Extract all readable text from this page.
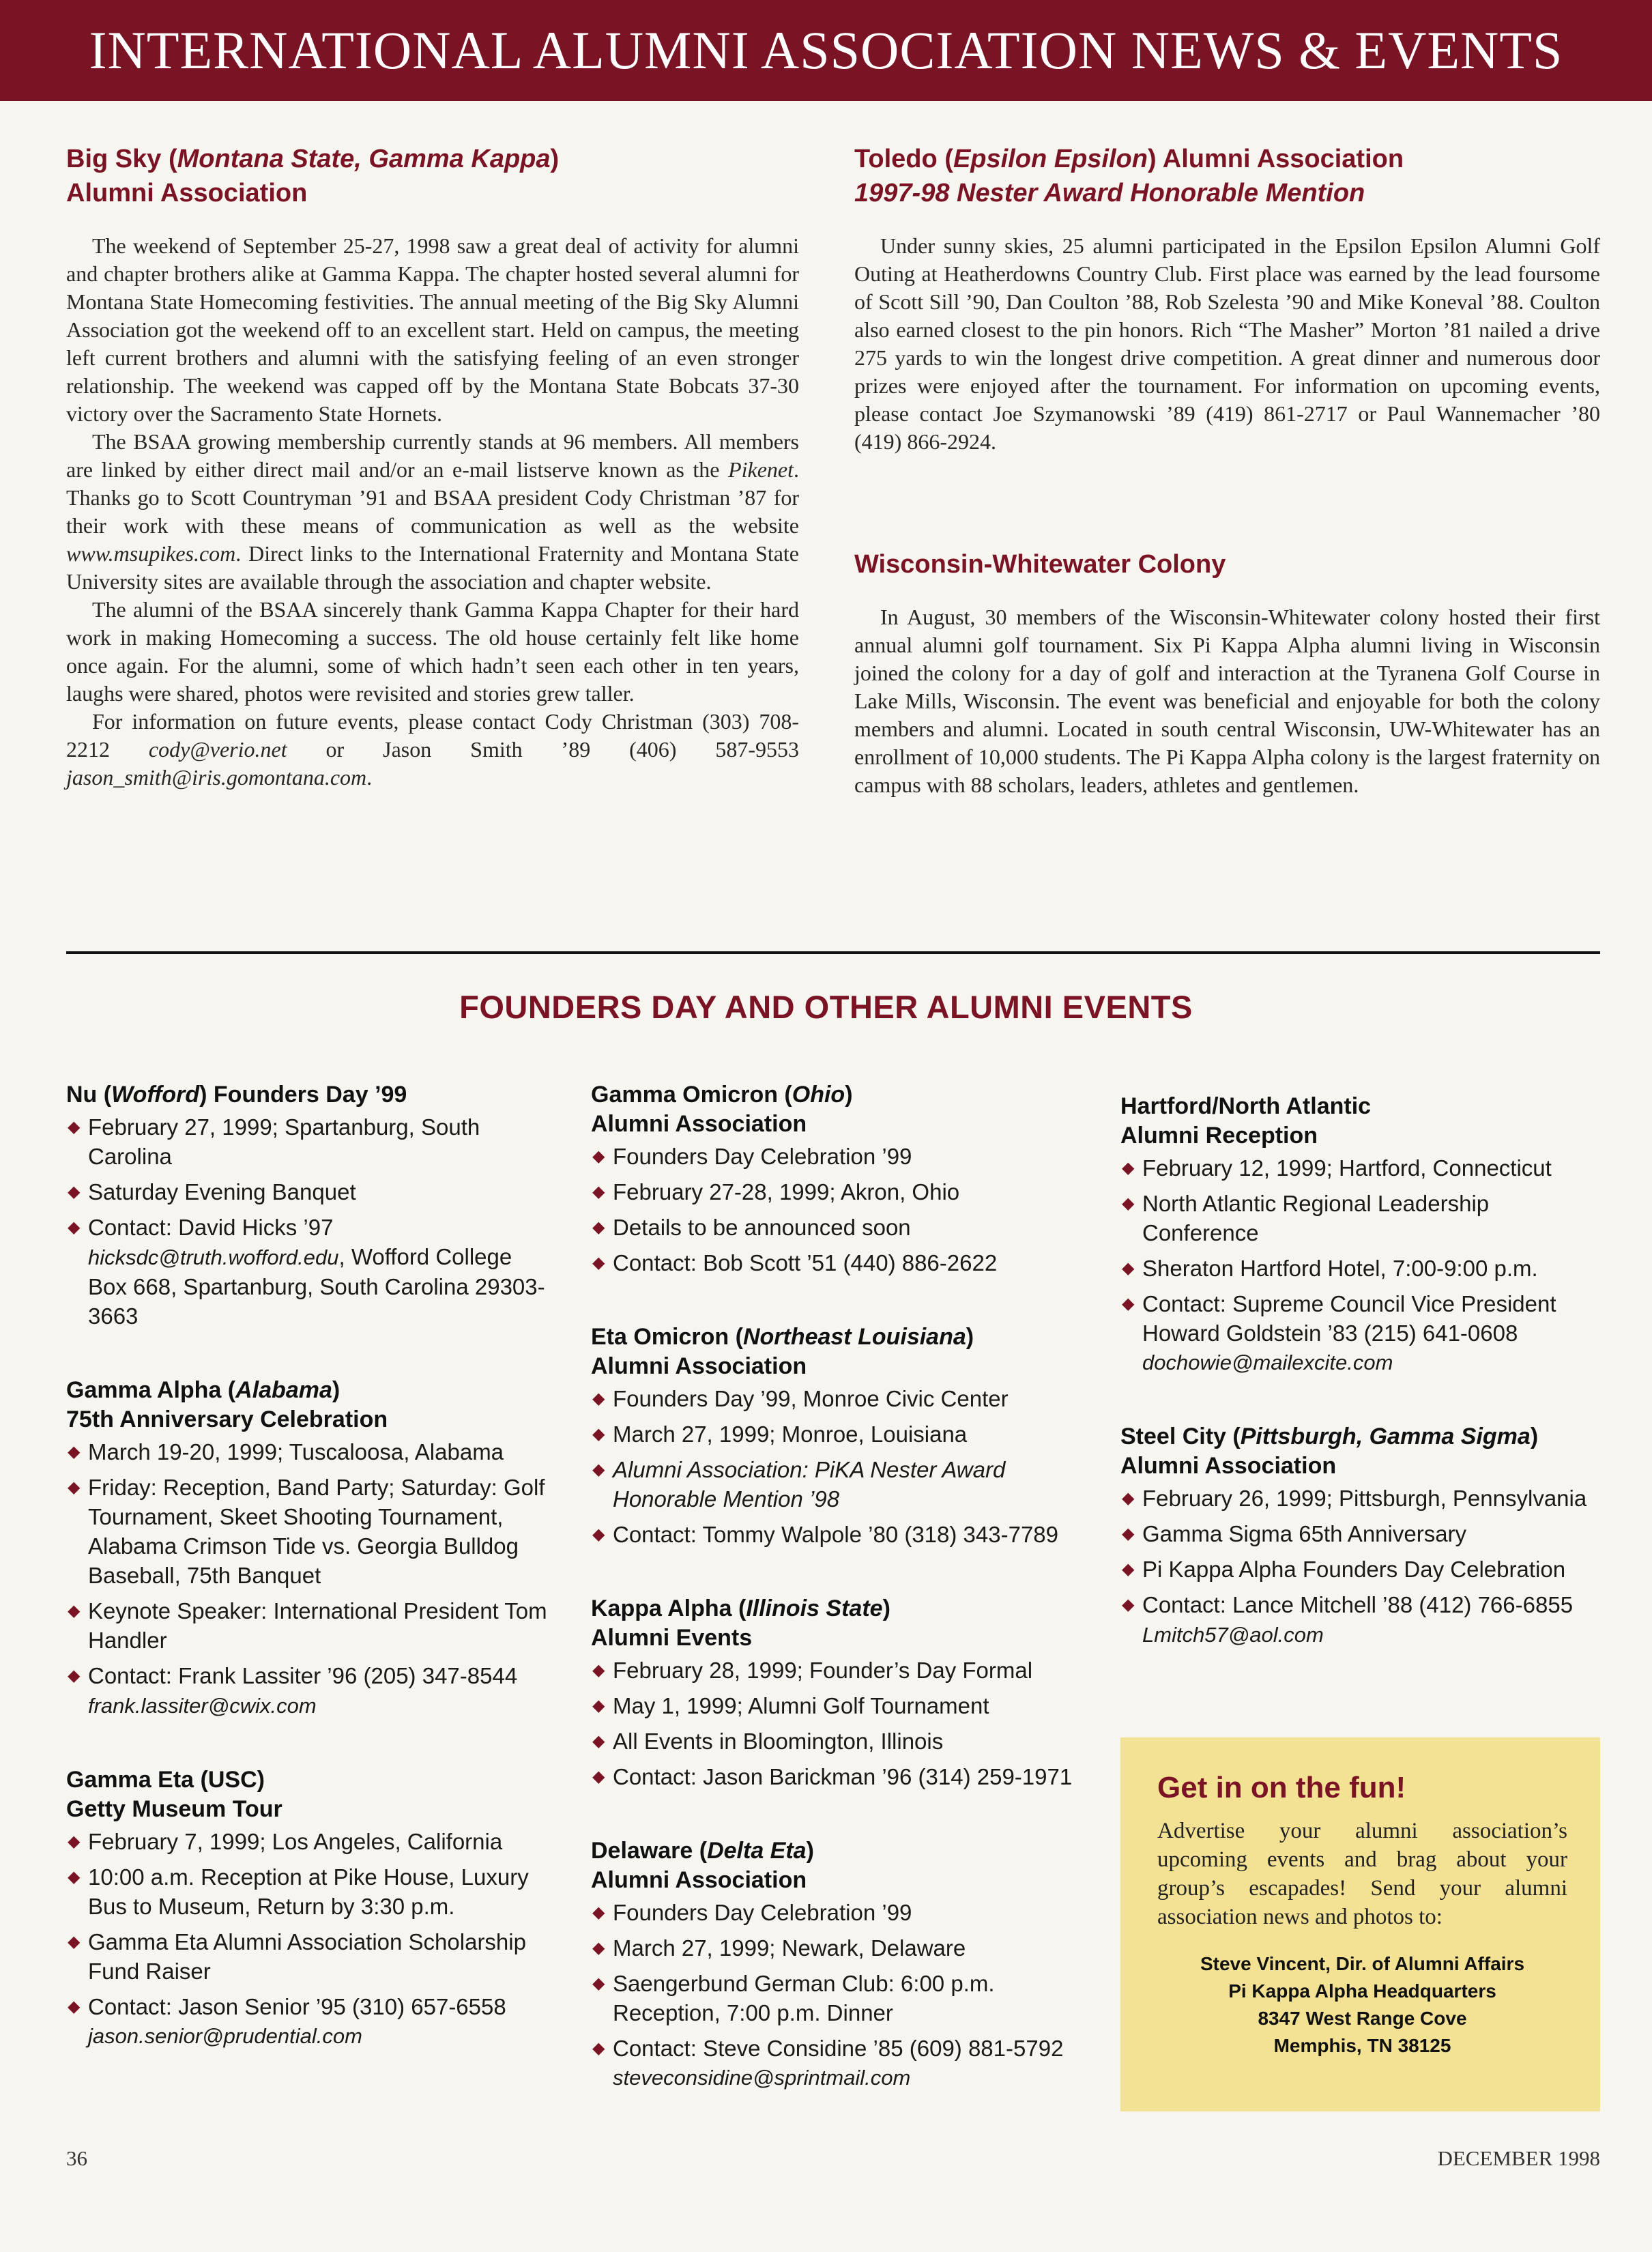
INTERNATIONAL ALUMNI ASSOCIATION NEWS & EVENTS
Big Sky (Montana State, Gamma Kappa)
Alumni Association

The weekend of September 25-27, 1998 saw a great deal of activity for alumni and chapter brothers alike at Gamma Kappa. The chapter hosted several alumni for Montana State Homecoming festivities. The annual meeting of the Big Sky Alumni Association got the weekend off to an excellent start. Held on campus, the meeting left current brothers and alumni with the satisfying feeling of an even stronger relationship. The weekend was capped off by the Montana State Bobcats 37-30 victory over the Sacramento State Hornets.

The BSAA growing membership currently stands at 96 members. All members are linked by either direct mail and/or an e-mail listserve known as the Pikenet. Thanks go to Scott Countryman ’91 and BSAA president Cody Christman ’87 for their work with these means of communication as well as the website www.msupikes.com. Direct links to the International Fraternity and Montana State University sites are available through the association and chapter website.

The alumni of the BSAA sincerely thank Gamma Kappa Chapter for their hard work in making Homecoming a success. The old house certainly felt like home once again. For the alumni, some of which hadn’t seen each other in ten years, laughs were shared, photos were revisited and stories grew taller.

For information on future events, please contact Cody Christman (303) 708-2212 cody@verio.net or Jason Smith ’89 (406) 587-9553 jason_smith@iris.gomontana.com.

Toledo (Epsilon Epsilon) Alumni Association
1997-98 Nester Award Honorable Mention

Under sunny skies, 25 alumni participated in the Epsilon Epsilon Alumni Golf Outing at Heatherdowns Country Club. First place was earned by the lead foursome of Scott Sill ’90, Dan Coulton ’88, Rob Szelesta ’90 and Mike Koneval ’88. Coulton also earned closest to the pin honors. Rich “The Masher” Morton ’81 nailed a drive 275 yards to win the longest drive competition. A great dinner and numerous door prizes were enjoyed after the tournament. For information on upcoming events, please contact Joe Szymanowski ’89 (419) 861-2717 or Paul Wannemacher ’80 (419) 866-2924.

Wisconsin-Whitewater Colony

In August, 30 members of the Wisconsin-Whitewater colony hosted their first annual alumni golf tournament. Six Pi Kappa Alpha alumni living in Wisconsin joined the colony for a day of golf and interaction at the Tyranena Golf Course in Lake Mills, Wisconsin. The event was beneficial and enjoyable for both the colony members and alumni. Located in south central Wisconsin, UW-Whitewater has an enrollment of 10,000 students. The Pi Kappa Alpha colony is the largest fraternity on campus with 88 scholars, leaders, athletes and gentlemen.

FOUNDERS DAY AND OTHER ALUMNI EVENTS
Nu (Wofford) Founders Day ’99
◆ February 27, 1999; Spartanburg, South Carolina
◆ Saturday Evening Banquet
◆ Contact: David Hicks ’97
hicksdc@truth.wofford.edu, Wofford College Box 668, Spartanburg, South Carolina 29303-3663
Gamma Alpha (Alabama)
75th Anniversary Celebration
◆ March 19-20, 1999; Tuscaloosa, Alabama
◆ Friday: Reception, Band Party; Saturday: Golf Tournament, Skeet Shooting Tournament, Alabama Crimson Tide vs. Georgia Bulldog Baseball, 75th Banquet
◆ Keynote Speaker: International President Tom Handler
◆ Contact: Frank Lassiter ’96 (205) 347-8544 frank.lassiter@cwix.com
Gamma Eta (USC)
Getty Museum Tour
◆ February 7, 1999; Los Angeles, California
◆ 10:00 a.m. Reception at Pike House, Luxury Bus to Museum, Return by 3:30 p.m.
◆ Gamma Eta Alumni Association Scholarship Fund Raiser
◆ Contact: Jason Senior ’95 (310) 657-6558
jason.senior@prudential.com
Gamma Omicron (Ohio)
Alumni Association
◆ Founders Day Celebration ’99
◆ February 27-28, 1999; Akron, Ohio
◆ Details to be announced soon
◆ Contact: Bob Scott ’51 (440) 886-2622
Eta Omicron (Northeast Louisiana)
Alumni Association
◆ Founders Day ’99, Monroe Civic Center
◆ March 27, 1999; Monroe, Louisiana
◆ Alumni Association: PiKA Nester Award Honorable Mention ’98
◆ Contact: Tommy Walpole ’80 (318) 343-7789
Kappa Alpha (Illinois State)
Alumni Events
◆ February 28, 1999; Founder’s Day Formal
◆ May 1, 1999; Alumni Golf Tournament
◆ All Events in Bloomington, Illinois
◆ Contact: Jason Barickman ’96 (314) 259-1971
Delaware (Delta Eta)
Alumni Association
◆ Founders Day Celebration ’99
◆ March 27, 1999; Newark, Delaware
◆ Saengerbund German Club: 6:00 p.m. Reception, 7:00 p.m. Dinner
◆ Contact: Steve Considine ’85 (609) 881-5792
steveconsidine@sprintmail.com
Hartford/North Atlantic
Alumni Reception
◆ February 12, 1999; Hartford, Connecticut
◆ North Atlantic Regional Leadership Conference
◆ Sheraton Hartford Hotel, 7:00-9:00 p.m.
◆ Contact: Supreme Council Vice President Howard Goldstein ’83 (215) 641-0608
dochowie@mailexcite.com
Steel City (Pittsburgh, Gamma Sigma)
Alumni Association
◆ February 26, 1999; Pittsburgh, Pennsylvania
◆ Gamma Sigma 65th Anniversary
◆ Pi Kappa Alpha Founders Day Celebration
◆ Contact: Lance Mitchell ’88 (412) 766-6855 Lmitch57@aol.com
Get in on the fun!
Advertise your alumni association’s upcoming events and brag about your group’s escapades! Send your alumni association news and photos to:
Steve Vincent, Dir. of Alumni Affairs
Pi Kappa Alpha Headquarters
8347 West Range Cove
Memphis, TN 38125
36	DECEMBER 1998
